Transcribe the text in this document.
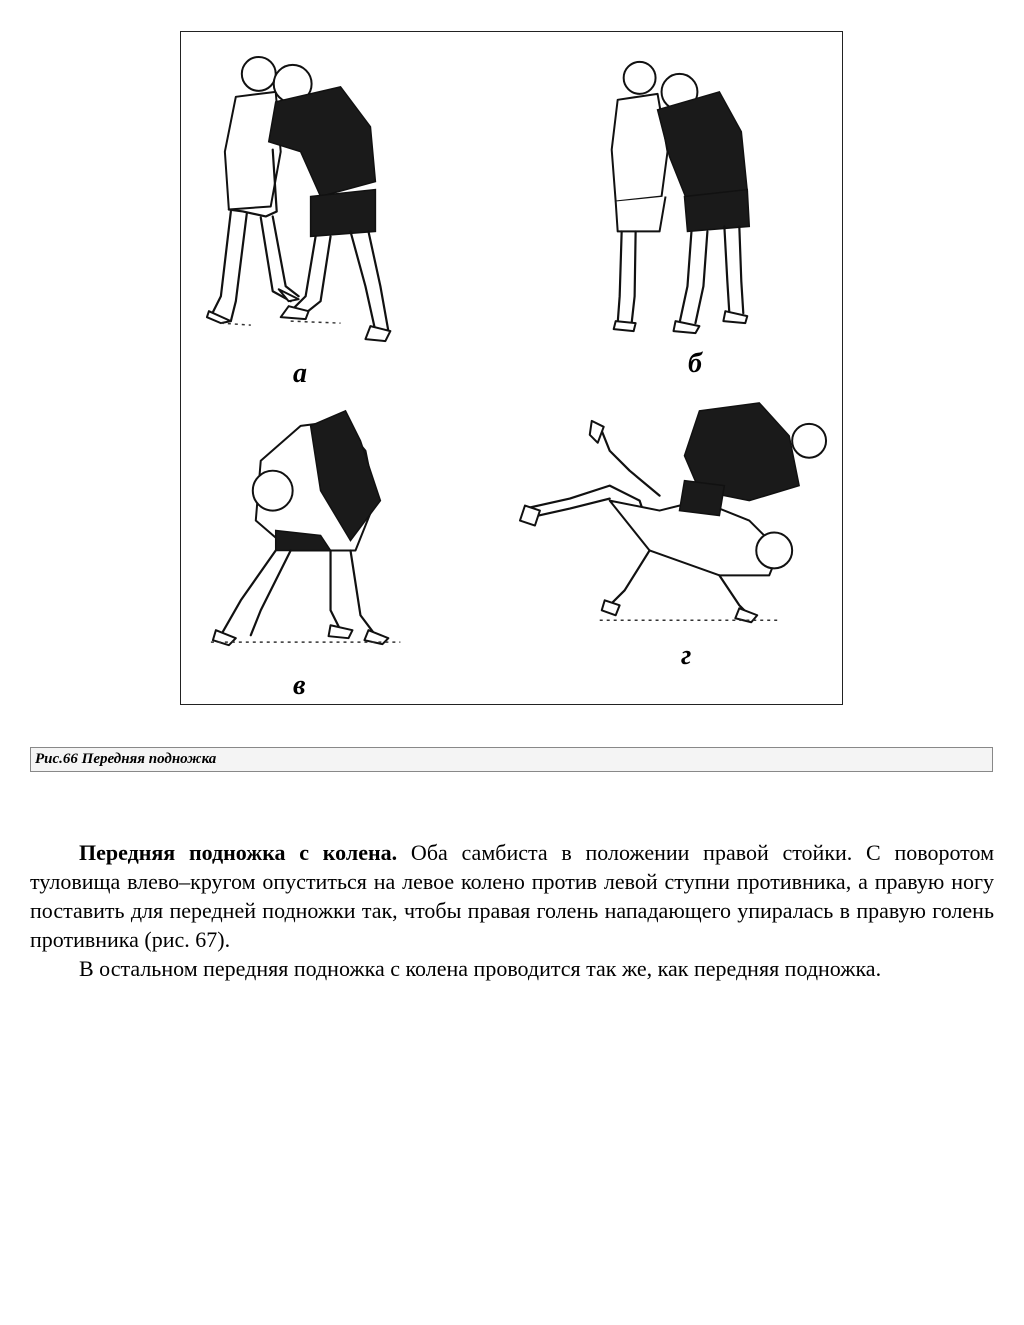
а	б
в
г
Рис.66 Передняя подножка

Передняя подножка с колена. Оба самбиста в положении правой стойки. С поворотом туловища влево–кругом опуститься на левое колено против левой ступни противника, а правую ногу поставить для передней подножки так, чтобы правая голень нападающего упиралась в правую голень противника (рис. 67).

В остальном передняя подножка с колена проводится так же, как передняя подножка.
